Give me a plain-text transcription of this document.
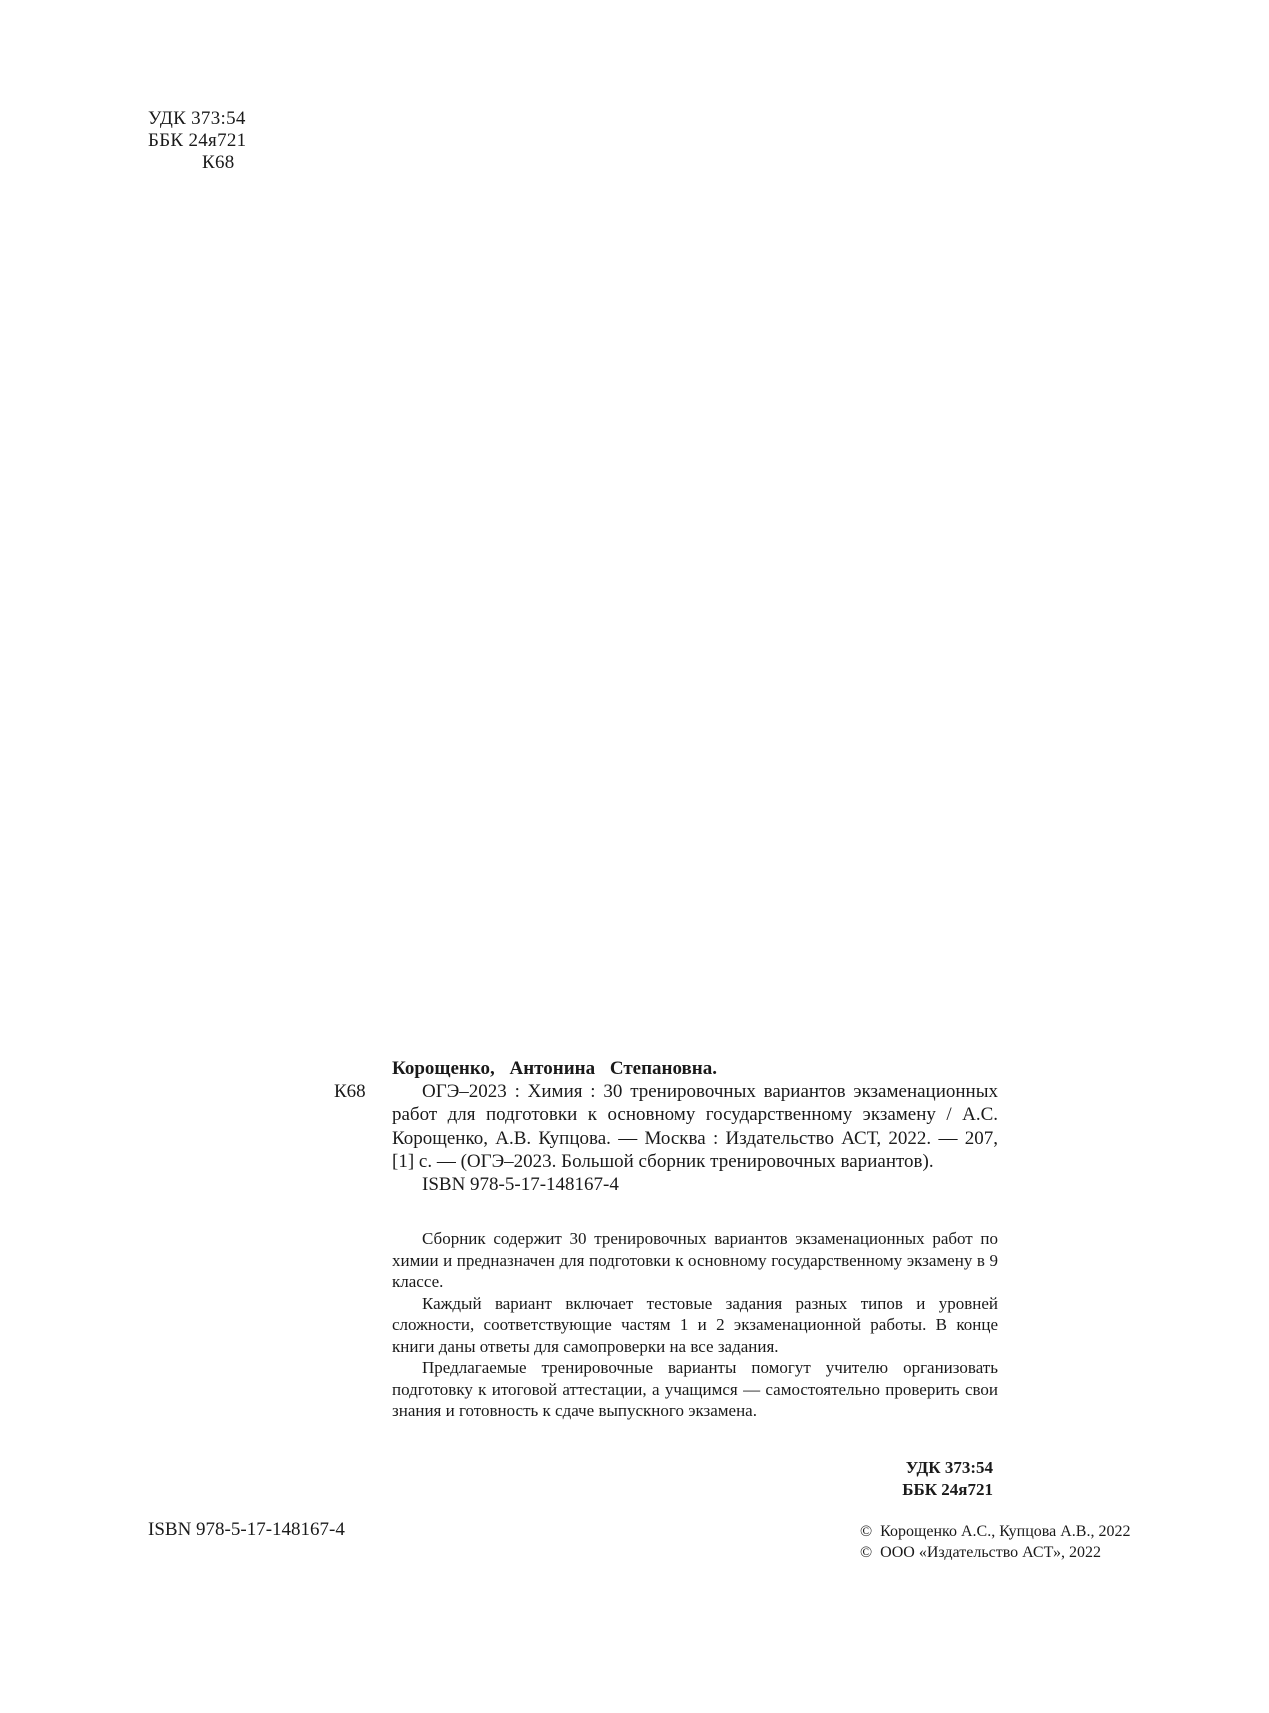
УДК 373:54
ББК 24я721
К68
Корощенко, Антонина Степановна.
К68	ОГЭ–2023 : Химия : 30 тренировочных вариантов экзаменационных работ для подготовки к основному государственному экзамену / А.С. Корощенко, А.В. Купцова. — Москва : Издательство АСТ, 2022. — 207, [1] с. — (ОГЭ–2023. Большой сборник тренировочных вариантов).

ISBN 978-5-17-148167-4

Сборник содержит 30 тренировочных вариантов экзаменационных работ по химии и предназначен для подготовки к основному государственному экзамену в 9 классе.

Каждый вариант включает тестовые задания разных типов и уровней сложности, соответствующие частям 1 и 2 экзаменационной работы. В конце книги даны ответы для самопроверки на все задания.

Предлагаемые тренировочные варианты помогут учителю организовать подготовку к итоговой аттестации, а учащимся — самостоятельно проверить свои знания и готовность к сдаче выпускного экзамена.

УДК 373:54
ББК 24я721
ISBN 978-5-17-148167-4	© Корощенко А.С., Купцова А.В., 2022
© ООО «Издательство АСТ», 2022
